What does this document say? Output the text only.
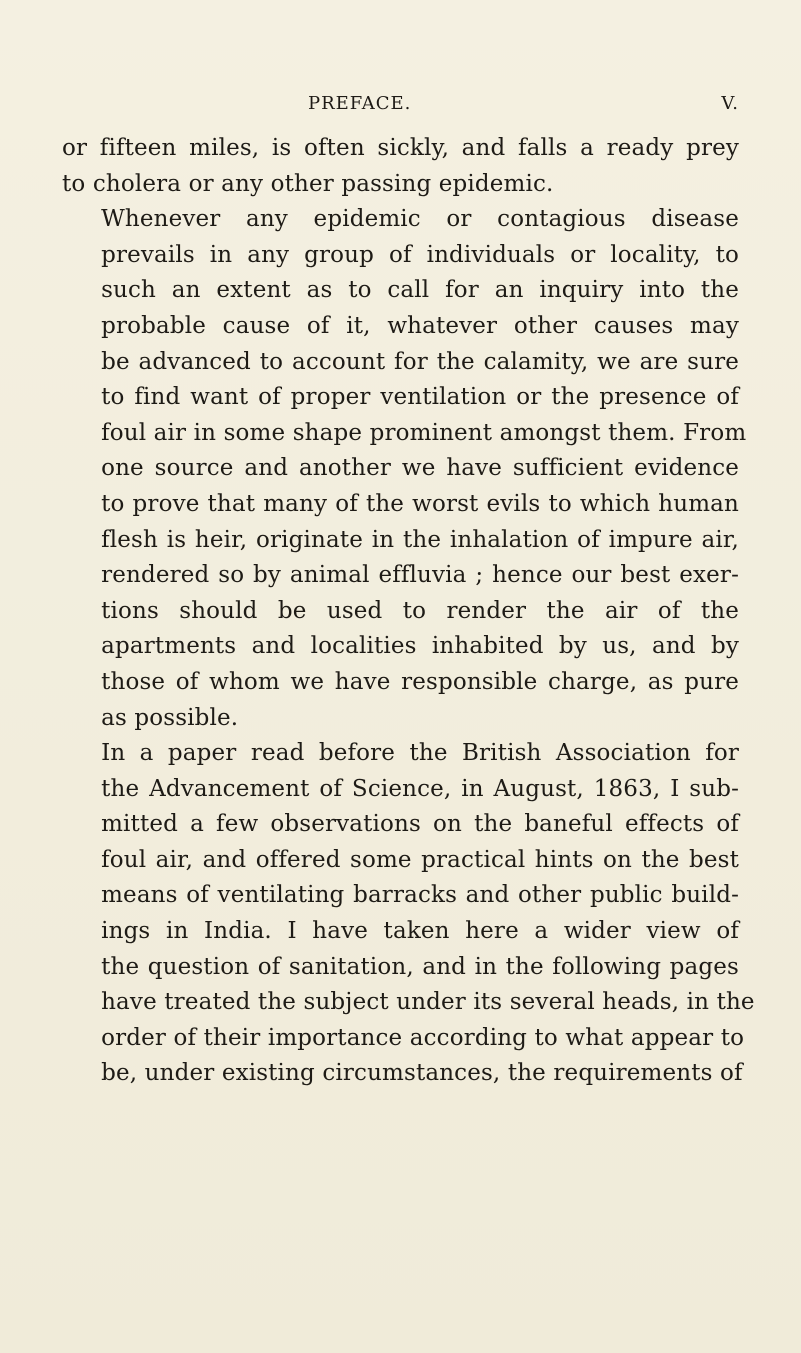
PREFACE.	V.

or fifteen miles, is often sickly, and falls a ready prey
to cholera or any other passing epidemic.

Whenever any epidemic or contagious disease
prevails in any group of individuals or locality, to
such an extent as to call for an inquiry into the
probable cause of it, whatever other causes may
be advanced to account for the calamity, we are sure
to find want of proper ventilation or the presence of
foul air in some shape prominent amongst them. From
one source and another we have sufficient evidence
to prove that many of the worst evils to which human
flesh is heir, originate in the inhalation of impure air,
rendered so by animal effluvia ; hence our best exer-
tions should be used to render the air of the
apartments and localities inhabited by us, and by
those of whom we have responsible charge, as pure
as possible.

In a paper read before the British Association for
the Advancement of Science, in August, 1863, I sub-
mitted a few observations on the baneful effects of
foul air, and offered some practical hints on the best
means of ventilating barracks and other public build-
ings in India. I have taken here a wider view of
the question of sanitation, and in the following pages
have treated the subject under its several heads, in the
order of their importance according to what appear to
be, under existing circumstances, the requirements of
